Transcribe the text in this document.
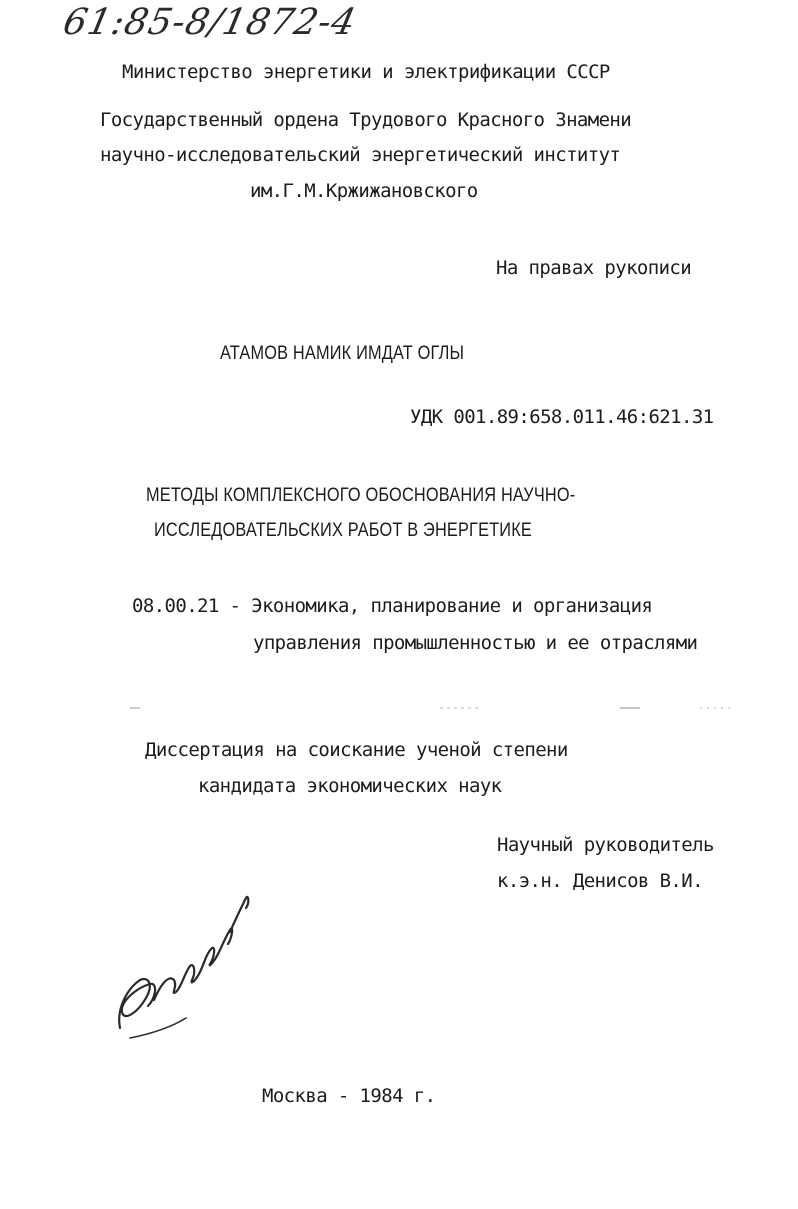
61:85-8/1872-4
Министерство энергетики и электрификации СССР
Государственный ордена Трудового Красного Знамени
научно-исследовательский энергетический институт
им.Г.М.Кржижановского
На правах рукописи
АТАМОВ НАМИК ИМДАТ ОГЛЫ
УДК 001.89:658.011.46:621.31
МЕТОДЫ КОМПЛЕКСНОГО ОБОСНОВАНИЯ НАУЧНО-
ИССЛЕДОВАТЕЛЬСКИХ РАБОТ В ЭНЕРГЕТИКЕ
08.00.21 - Экономика, планирование и организация
управления промышленностью и ее отраслями
Диссертация на соискание ученой степени
кандидата экономических наук
Научный руководитель
к.э.н. Денисов В.И.
Москва - 1984 г.
